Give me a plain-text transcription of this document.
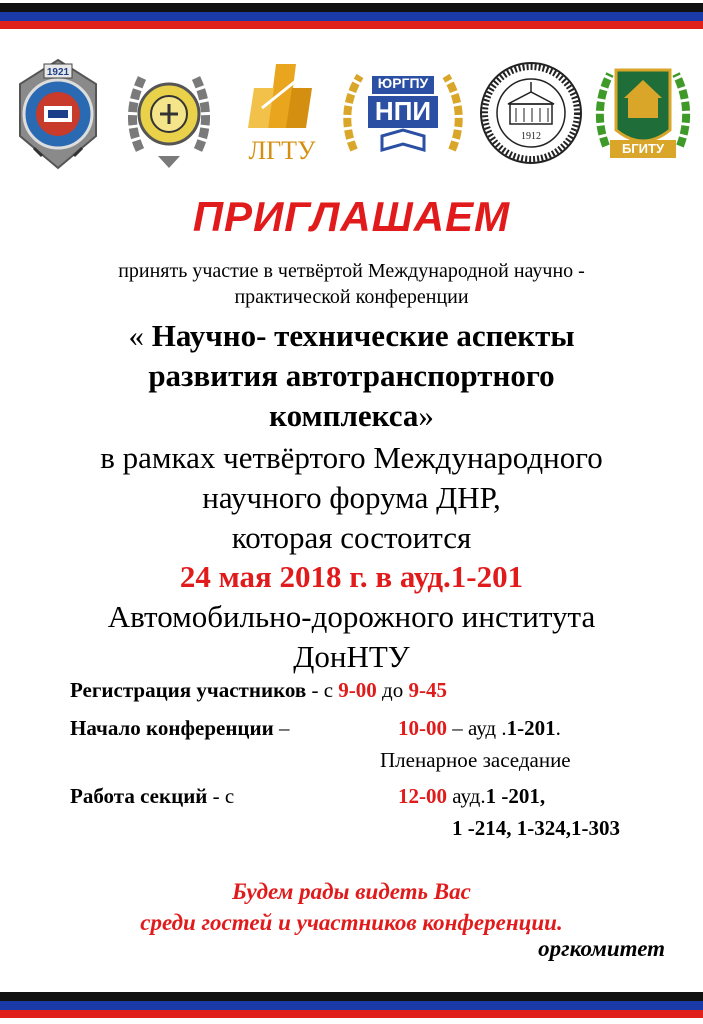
1921
ЛГТУ
ЮРГПУ
НПИ
1912
БГИТУ
ПРИГЛАШАЕМ
принять участие в четвёртой Международной научно -
практической конференции
« Научно- технические аспекты
развития автотранспортного
комплекса»
в рамках четвёртого Международного
научного форума ДНР,
которая состоится
24 мая 2018 г. в ауд.1-201
Автомобильно-дорожного института
ДонНТУ
Регистрация участников - с 9-00 до 9-45
Начало конференции –	10-00 – ауд .1-201.
Пленарное заседание
Работа секций - с	12-00 ауд.1 -201,
1 -214, 1-324,1-303
Будем рады видеть Вас
среди гостей и участников конференции.
оргкомитет
